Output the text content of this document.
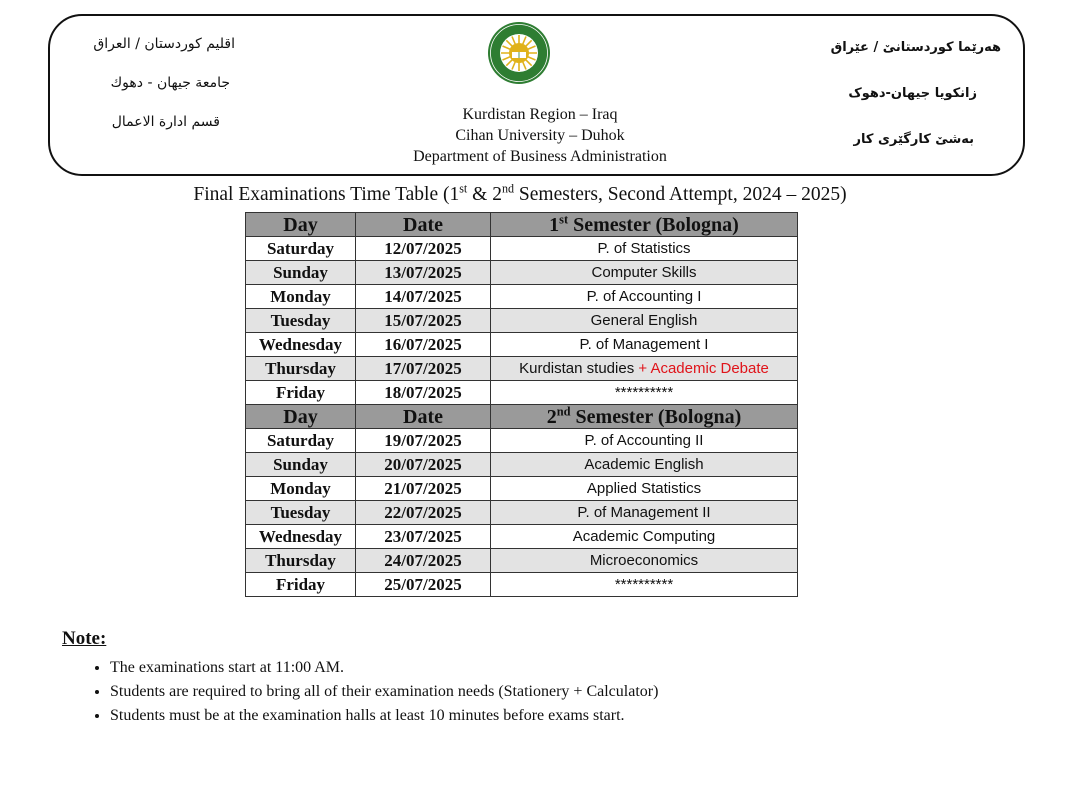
اقليم كوردستان / العراق
جامعة جيهان - دهوك
قسم ادارة الاعمال
هەرێما کوردستانێ / عێراق
زانکویا جیهان-دهوک
بەشێ کارگێری کار
Kurdistan Region – Iraq
Cihan University – Duhok
Department of Business Administration
Final Examinations Time Table (1st & 2nd Semesters, Second Attempt, 2024 – 2025)
Day	Date	1st Semester (Bologna)
Saturday	12/07/2025	P. of Statistics
Sunday	13/07/2025	Computer Skills
Monday	14/07/2025	P. of Accounting I
Tuesday	15/07/2025	General English
Wednesday	16/07/2025	P. of Management I
Thursday	17/07/2025	Kurdistan studies + Academic Debate
Friday	18/07/2025	**********
Day	Date	2nd Semester (Bologna)
Saturday	19/07/2025	P. of Accounting II
Sunday	20/07/2025	Academic English
Monday	21/07/2025	Applied Statistics
Tuesday	22/07/2025	P. of Management II
Wednesday	23/07/2025	Academic Computing
Thursday	24/07/2025	Microeconomics
Friday	25/07/2025	**********
Note:
• The examinations start at 11:00 AM.
• Students are required to bring all of their examination needs (Stationery + Calculator)
• Students must be at the examination halls at least 10 minutes before exams start.
